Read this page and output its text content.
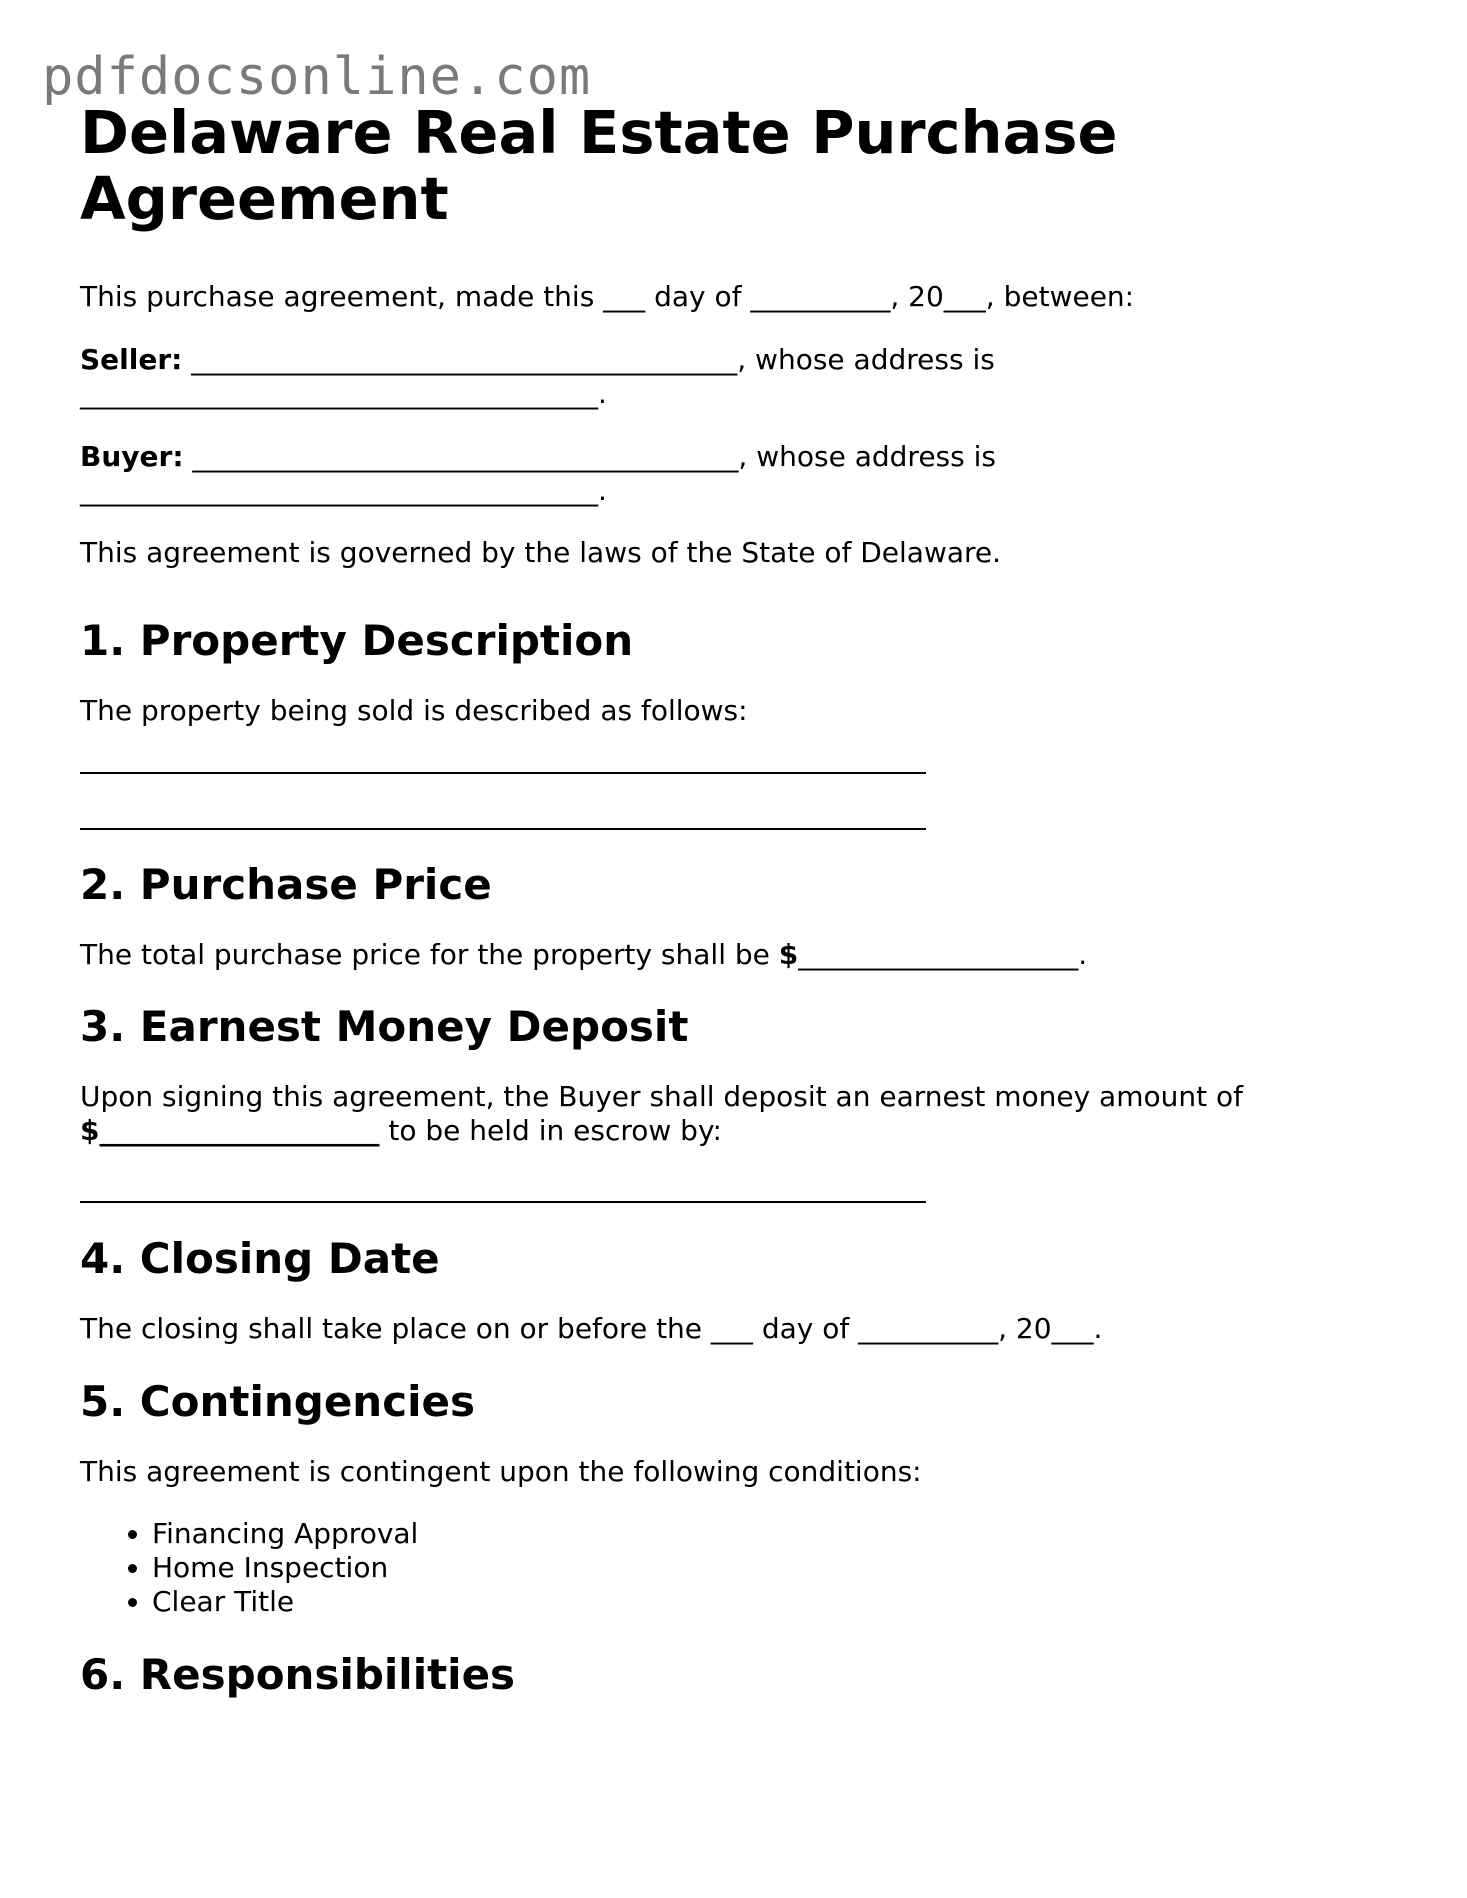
pdfdocsonline.com
Delaware Real Estate Purchase Agreement

This purchase agreement, made this ___ day of __________, 20___, between:

Seller: _______________________________________, whose address is _____________________________________.

Buyer: _______________________________________, whose address is _____________________________________.

This agreement is governed by the laws of the State of Delaware.

1. Property Description

The property being sold is described as follows:

2. Purchase Price

The total purchase price for the property shall be $____________________.

3. Earnest Money Deposit

Upon signing this agreement, the Buyer shall deposit an earnest money amount of $____________________ to be held in escrow by:

4. Closing Date

The closing shall take place on or before the ___ day of __________, 20___.

5. Contingencies

This agreement is contingent upon the following conditions:

• Financing Approval
• Home Inspection
• Clear Title
6. Responsibilities
